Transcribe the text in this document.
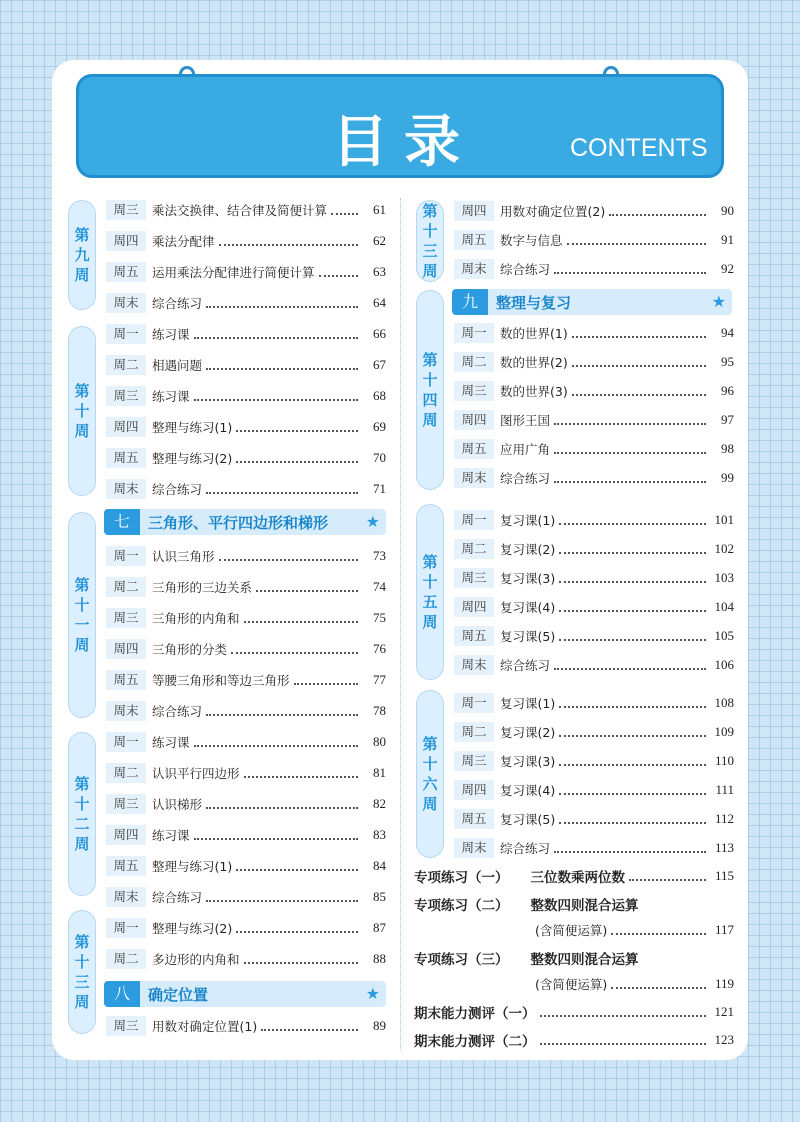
目录	CONTENTS
第九周
第十周
第十一周
第十二周
第十三周
七	三角形、平行四边形和梯形 ★
八	确定位置	★
周三	乘法交换律、结合律及简便计算	61
周四	乘法分配律	62
周五	运用乘法分配律进行简便计算	63
周末	综合练习	64
周一	练习课	66
周二	相遇问题	67
周三	练习课	68
周四	整理与练习(1)	69
周五	整理与练习(2)	70
周末	综合练习	71
周一	认识三角形	73
周二	三角形的三边关系	74
周三	三角形的内角和	75
周四	三角形的分类	76
周五	等腰三角形和等边三角形	77
周末	综合练习	78
周一	练习课	80
周二	认识平行四边形	81
周三	认识梯形	82
周四	练习课	83
周五	整理与练习(1)	84
周末	综合练习	85
周一	整理与练习(2)	87
周二	多边形的内角和	88
周三	用数对确定位置(1)	89
第十三周
第十四周
第十五周
第十六周
九	整理与复习	★
周四	用数对确定位置(2)	90
周五	数字与信息	91
周末	综合练习	92
周一	数的世界(1)	94
周二	数的世界(2)	95
周三	数的世界(3)	96
周四	图形王国	97
周五	应用广角	98
周末	综合练习	99
周一	复习课(1)	101
周二	复习课(2)	102
周三	复习课(3)	103
周四	复习课(4)	104
周五	复习课(5)	105
周末	综合练习	106
周一	复习课(1)	108
周二	复习课(2)	109
周三	复习课(3)	110
周四	复习课(4)	111
周五	复习课(5)	112
周末	综合练习	113
专项练习（一） 三位数乘两位数	115
专项练习（二） 整数四则混合运算
(含简便运算)	117
专项练习（三） 整数四则混合运算
(含简便运算)	119
期末能力测评（一）	121
期末能力测评（二）	123
